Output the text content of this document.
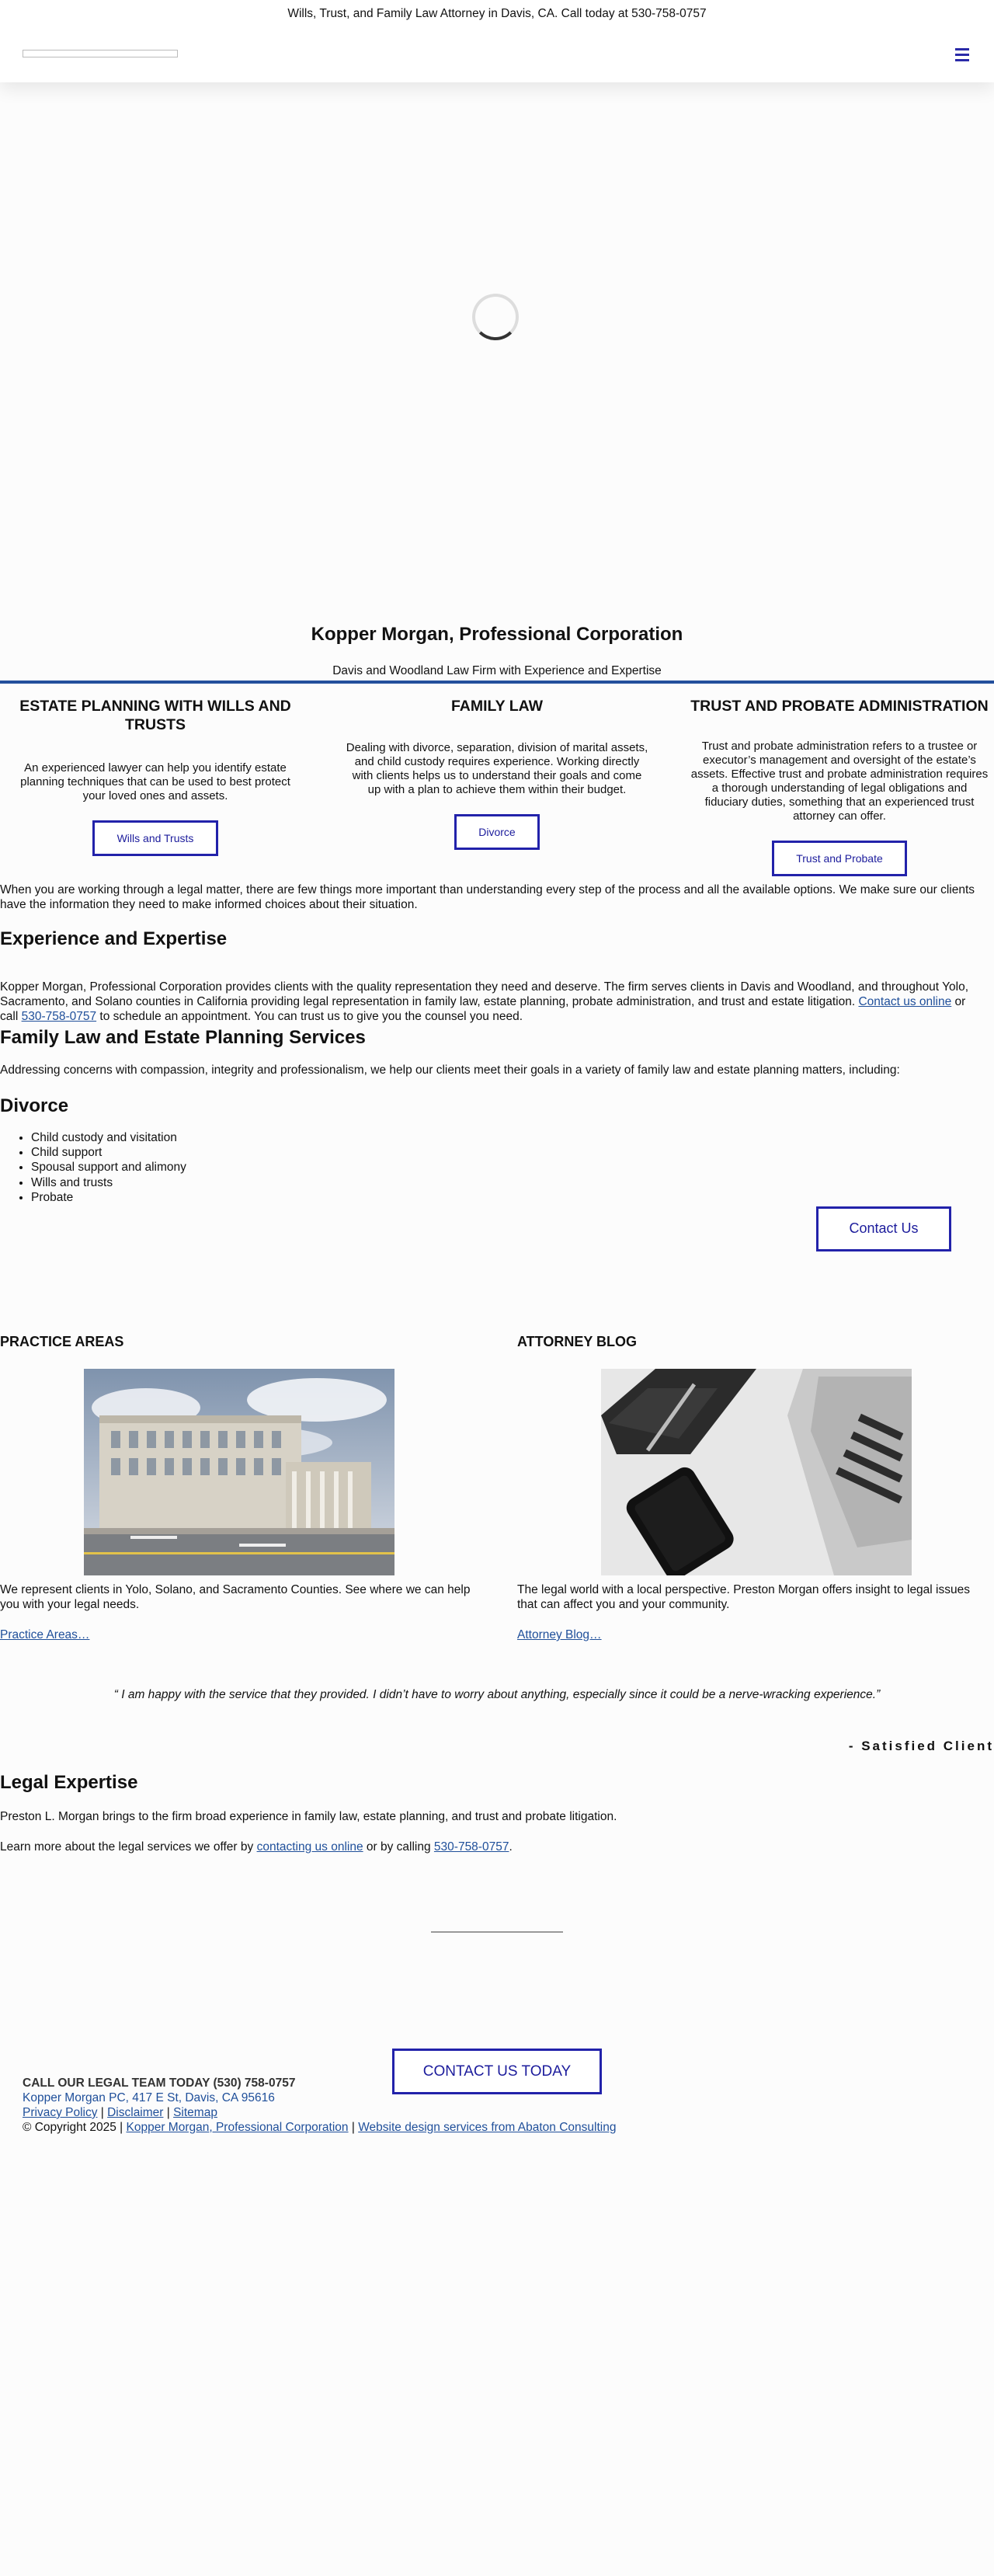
Wills, Trust, and Family Law Attorney in Davis, CA. Call today at 530-758-0757
Kopper Morgan, Professional Corporation
Davis and Woodland Law Firm with Experience and Expertise
ESTATE PLANNING WITH WILLS AND TRUSTS

An experienced lawyer can help you identify estate planning techniques that can be used to best protect your loved ones and assets.

Wills and Trusts
FAMILY LAW

Dealing with divorce, separation, division of marital assets, and child custody requires experience. Working directly with clients helps us to understand their goals and come up with a plan to achieve them within their budget.

Divorce
TRUST AND PROBATE ADMINISTRATION

Trust and probate administration refers to a trustee or executor’s management and oversight of the estate’s assets. Effective trust and probate administration requires a thorough understanding of legal obligations and fiduciary duties, something that an experienced trust attorney can offer.

Trust and Probate

When you are working through a legal matter, there are few things more important than understanding every step of the process and all the available options. We make sure our clients have the information they need to make informed choices about their situation.

Experience and Expertise

Kopper Morgan, Professional Corporation provides clients with the quality representation they need and deserve. The firm serves clients in Davis and Woodland, and throughout Yolo, Sacramento, and Solano counties in California providing legal representation in family law, estate planning, probate administration, and trust and estate litigation. Contact us online or call 530-758-0757 to schedule an appointment. You can trust us to give you the counsel you need.

Family Law and Estate Planning Services

Addressing concerns with compassion, integrity and professionalism, we help our clients meet their goals in a variety of family law and estate planning matters, including:

Divorce
• Child custody and visitation
• Child support
• Spousal support and alimony
• Wills and trusts
• Probate
Contact Us
PRACTICE AREAS

We represent clients in Yolo, Solano, and Sacramento Counties. See where we can help you with your legal needs.

Practice Areas…
ATTORNEY BLOG

The legal world with a local perspective. Preston Morgan offers insight to legal issues that can affect you and your community.

Attorney Blog…
“ I am happy with the service that they provided. I didn’t have to worry about anything, especially since it could be a nerve-wracking experience.”
- Satisfied Client
Legal Expertise

Preston L. Morgan brings to the firm broad experience in family law, estate planning, and trust and probate litigation.

Learn more about the legal services we offer by contacting us online or by calling 530-758-0757.

CONTACT US TODAY
CALL OUR LEGAL TEAM TODAY (530) 758-0757
Kopper Morgan PC, 417 E St, Davis, CA 95616
Privacy Policy | Disclaimer | Sitemap
© Copyright 2025 | Kopper Morgan, Professional Corporation | Website design services from Abaton Consulting
